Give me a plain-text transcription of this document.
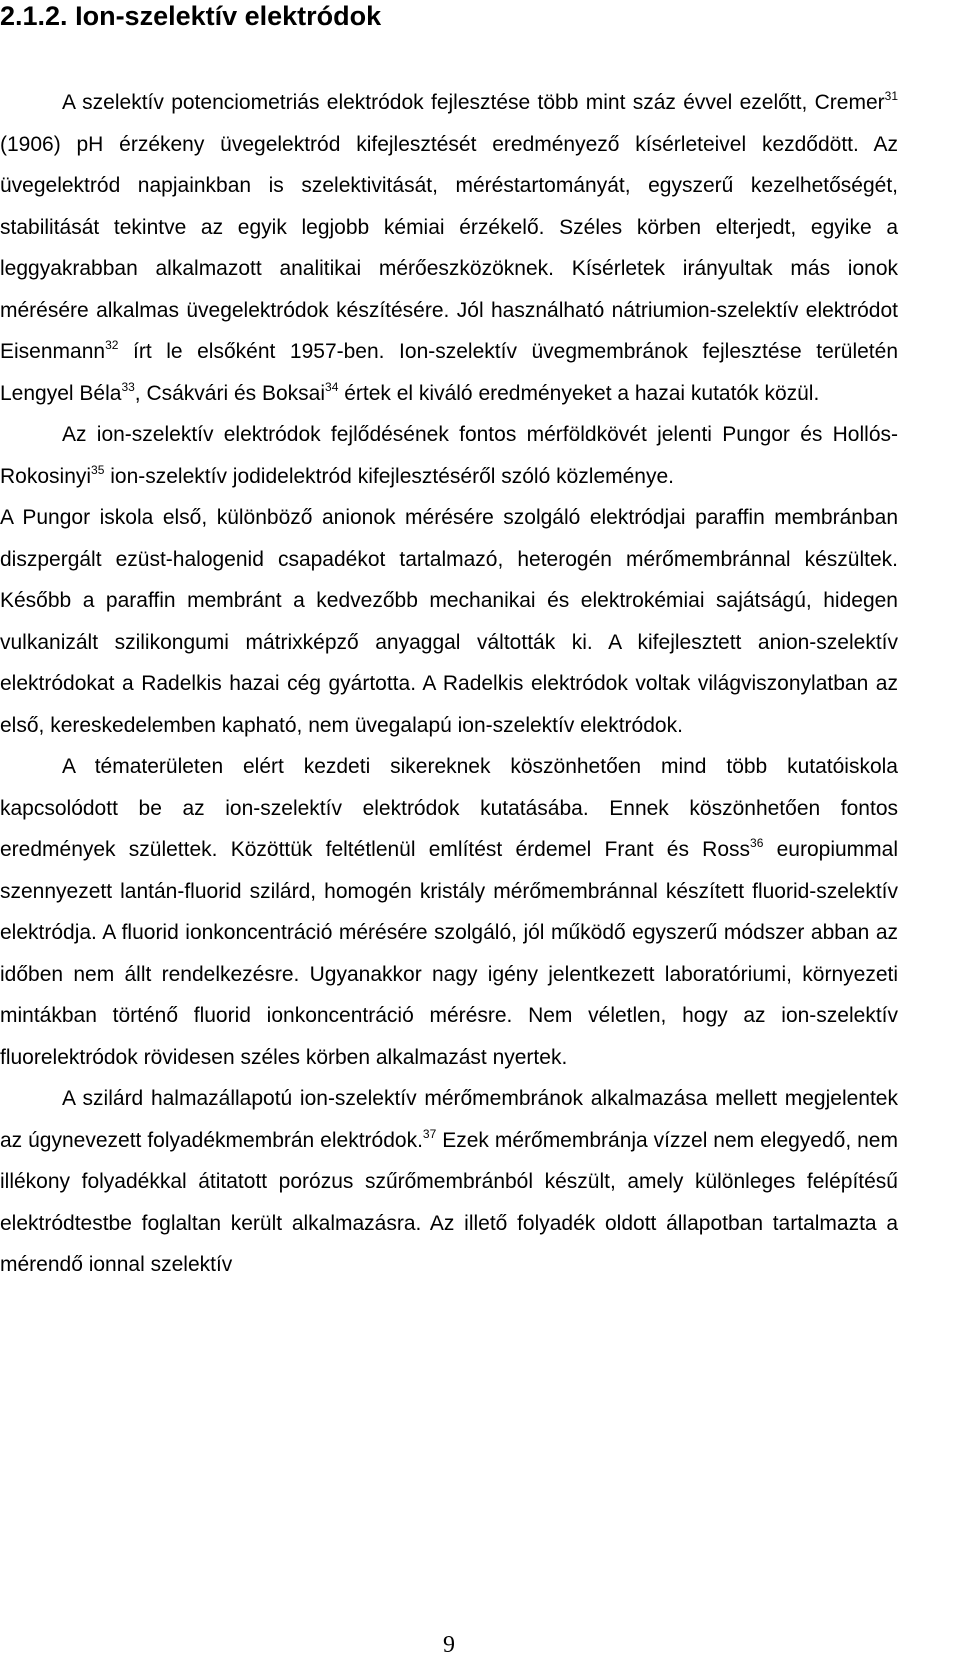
2.1.2. Ion-szelektív elektródok

A szelektív potenciometriás elektródok fejlesztése több mint száz évvel ezelőtt, Cremer$^{31}$ (1906) pH érzékeny üvegelektród kifejlesztését eredményező kísérleteivel kezdődött. Az üvegelektród napjainkban is szelektivitását, méréstartományát, egyszerű kezelhetőségét, stabilitását tekintve az egyik legjobb kémiai érzékelő. Széles körben elterjedt, egyike a leggyakrabban alkalmazott analitikai mérőeszközöknek. Kísérletek irányultak más ionok mérésére alkalmas üvegelektródok készítésére. Jól használható nátriumion-szelektív elektródot Eisenmann$^{32}$ írt le elsőként 1957-ben. Ion-szelektív üvegmembránok fejlesztése területén Lengyel Béla$^{33}$, Csákvári és Boksai$^{34}$ értek el kiváló eredményeket a hazai kutatók közül.

Az ion-szelektív elektródok fejlődésének fontos mérföldkövét jelenti Pungor és Hollós-Rokosinyi$^{35}$ ion-szelektív jodidelektród kifejlesztéséről szóló közleménye.

A Pungor iskola első, különböző anionok mérésére szolgáló elektródjai paraffin membránban diszpergált ezüst-halogenid csapadékot tartalmazó, heterogén mérőmembránnal készültek. Később a paraffin membránt a kedvezőbb mechanikai és elektrokémiai sajátságú, hidegen vulkanizált szilikongumi mátrixképző anyaggal váltották ki. A kifejlesztett anion-szelektív elektródokat a Radelkis hazai cég gyártotta. A Radelkis elektródok voltak világviszonylatban az első, kereskedelemben kapható, nem üvegalapú ion-szelektív elektródok.

A tématerületen elért kezdeti sikereknek köszönhetően mind több kutatóiskola kapcsolódott be az ion-szelektív elektródok kutatásába. Ennek köszönhetően fontos eredmények születtek. Közöttük feltétlenül említést érdemel Frant és Ross$^{36}$ europiummal szennyezett lantán-fluorid szilárd, homogén kristály mérőmembránnal készített fluorid-szelektív elektródja. A fluorid ionkoncentráció mérésére szolgáló, jól működő egyszerű módszer abban az időben nem állt rendelkezésre. Ugyanakkor nagy igény jelentkezett laboratóriumi, környezeti mintákban történő fluorid ionkoncentráció mérésre. Nem véletlen, hogy az ion-szelektív fluorelektródok rövidesen széles körben alkalmazást nyertek.

A szilárd halmazállapotú ion-szelektív mérőmembránok alkalmazása mellett megjelentek az úgynevezett folyadékmembrán elektródok.$^{37}$ Ezek mérőmembránja vízzel nem elegyedő, nem illékony folyadékkal átitatott porózus szűrőmembránból készült, amely különleges felépítésű elektródtestbe foglaltan került alkalmazásra. Az illető folyadék oldott állapotban tartalmazta a mérendő ionnal szelektív

9
